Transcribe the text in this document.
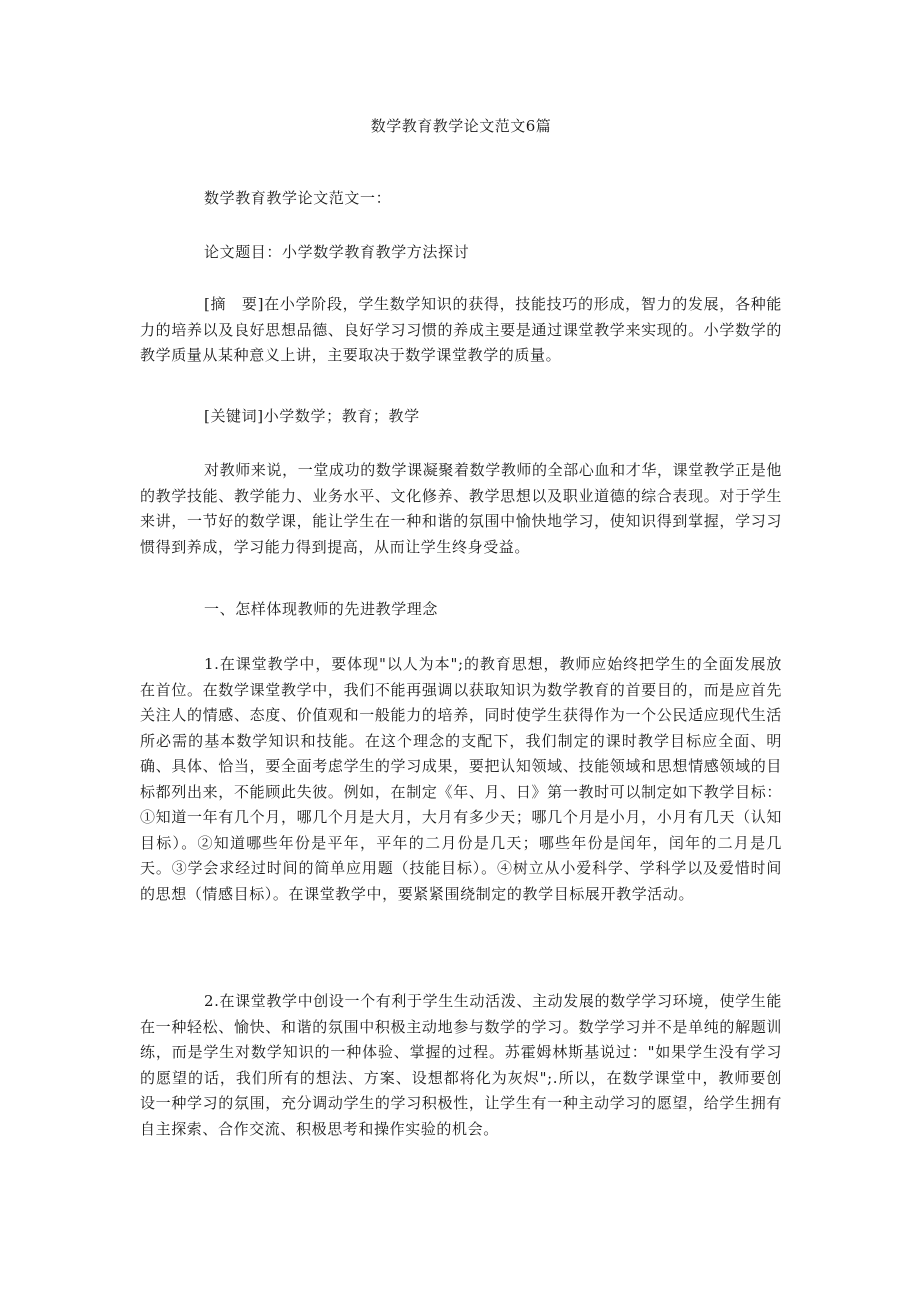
数学教育教学论文范文6篇
数学教育教学论文范文一：
论文题目：小学数学教育教学方法探讨
[摘　要]在小学阶段，学生数学知识的获得，技能技巧的形成，智力的发展，各种能力的培养以及良好思想品德、良好学习习惯的养成主要是通过课堂教学来实现的。小学数学的教学质量从某种意义上讲，主要取决于数学课堂教学的质量。
[关键词]小学数学；教育；教学
对教师来说，一堂成功的数学课凝聚着数学教师的全部心血和才华，课堂教学正是他的教学技能、教学能力、业务水平、文化修养、教学思想以及职业道德的综合表现。对于学生来讲，一节好的数学课，能让学生在一种和谐的氛围中愉快地学习，使知识得到掌握，学习习惯得到养成，学习能力得到提高，从而让学生终身受益。
一、怎样体现教师的先进教学理念
1.在课堂教学中，要体现"以人为本";的教育思想，教师应始终把学生的全面发展放在首位。在数学课堂教学中，我们不能再强调以获取知识为数学教育的首要目的，而是应首先关注人的情感、态度、价值观和一般能力的培养，同时使学生获得作为一个公民适应现代生活所必需的基本数学知识和技能。在这个理念的支配下，我们制定的课时教学目标应全面、明确、具体、恰当，要全面考虑学生的学习成果，要把认知领域、技能领域和思想情感领域的目标都列出来，不能顾此失彼。例如，在制定《年、月、日》第一教时可以制定如下教学目标：①知道一年有几个月，哪几个月是大月，大月有多少天；哪几个月是小月，小月有几天（认知目标）。②知道哪些年份是平年，平年的二月份是几天；哪些年份是闰年，闰年的二月是几天。③学会求经过时间的简单应用题（技能目标）。④树立从小爱科学、学科学以及爱惜时间的思想（情感目标）。在课堂教学中，要紧紧围绕制定的教学目标展开教学活动。
2.在课堂教学中创设一个有利于学生生动活泼、主动发展的数学学习环境，使学生能在一种轻松、愉快、和谐的氛围中积极主动地参与数学的学习。数学学习并不是单纯的解题训练，而是学生对数学知识的一种体验、掌握的过程。苏霍姆林斯基说过："如果学生没有学习的愿望的话，我们所有的想法、方案、设想都将化为灰烬";.所以，在数学课堂中，教师要创设一种学习的氛围，充分调动学生的学习积极性，让学生有一种主动学习的愿望，给学生拥有自主探索、合作交流、积极思考和操作实验的机会。
